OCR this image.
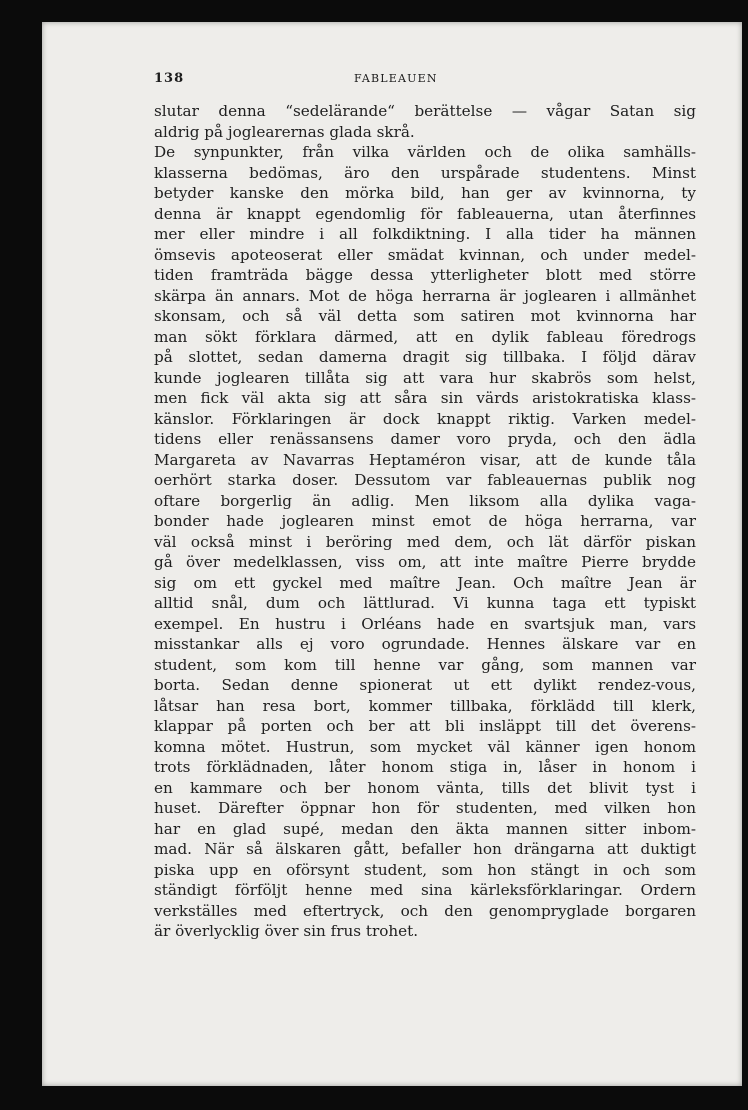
138	FABLEAUEN
slutar denna “sedelärande“ berättelse — vågar Satan sig
aldrig på joglearernas glada skrå.
De synpunkter, från vilka världen och de olika samhälls-
klasserna bedömas, äro den urspårade studentens. Minst
betyder kanske den mörka bild, han ger av kvinnorna, ty
denna är knappt egendomlig för fableauerna, utan återfinnes
mer eller mindre i all folkdiktning. I alla tider ha männen
ömsevis apoteoserat eller smädat kvinnan, och under medel-
tiden framträda bägge dessa ytterligheter blott med större
skärpa än annars. Mot de höga herrarna är joglearen i allmänhet
skonsam, och så väl detta som satiren mot kvinnorna har
man sökt förklara därmed, att en dylik fableau föredrogs
på slottet, sedan damerna dragit sig tillbaka. I följd därav
kunde joglearen tillåta sig att vara hur skabrös som helst,
men fick väl akta sig att såra sin värds aristokratiska klass-
känslor. Förklaringen är dock knappt riktig. Varken medel-
tidens eller renässansens damer voro pryda, och den ädla
Margareta av Navarras Heptaméron visar, att de kunde tåla
oerhört starka doser. Dessutom var fableauernas publik nog
oftare borgerlig än adlig. Men liksom alla dylika vaga-
bonder hade joglearen minst emot de höga herrarna, var
väl också minst i beröring med dem, och lät därför piskan
gå över medelklassen, viss om, att inte maître Pierre brydde
sig om ett gyckel med maître Jean. Och maître Jean är
alltid snål, dum och lättlurad. Vi kunna taga ett typiskt
exempel. En hustru i Orléans hade en svartsjuk man, vars
misstankar alls ej voro ogrundade. Hennes älskare var en
student, som kom till henne var gång, som mannen var
borta. Sedan denne spionerat ut ett dylikt rendez-vous,
låtsar han resa bort, kommer tillbaka, förklädd till klerk,
klappar på porten och ber att bli insläppt till det överens-
komna mötet. Hustrun, som mycket väl känner igen honom
trots förklädnaden, låter honom stiga in, låser in honom i
en kammare och ber honom vänta, tills det blivit tyst i
huset. Därefter öppnar hon för studenten, med vilken hon
har en glad supé, medan den äkta mannen sitter inbom-
mad. När så älskaren gått, befaller hon drängarna att duktigt
piska upp en oförsynt student, som hon stängt in och som
ständigt förföljt henne med sina kärleksförklaringar. Ordern
verkställes med eftertryck, och den genompryglade borgaren
är överlycklig över sin frus trohet.
